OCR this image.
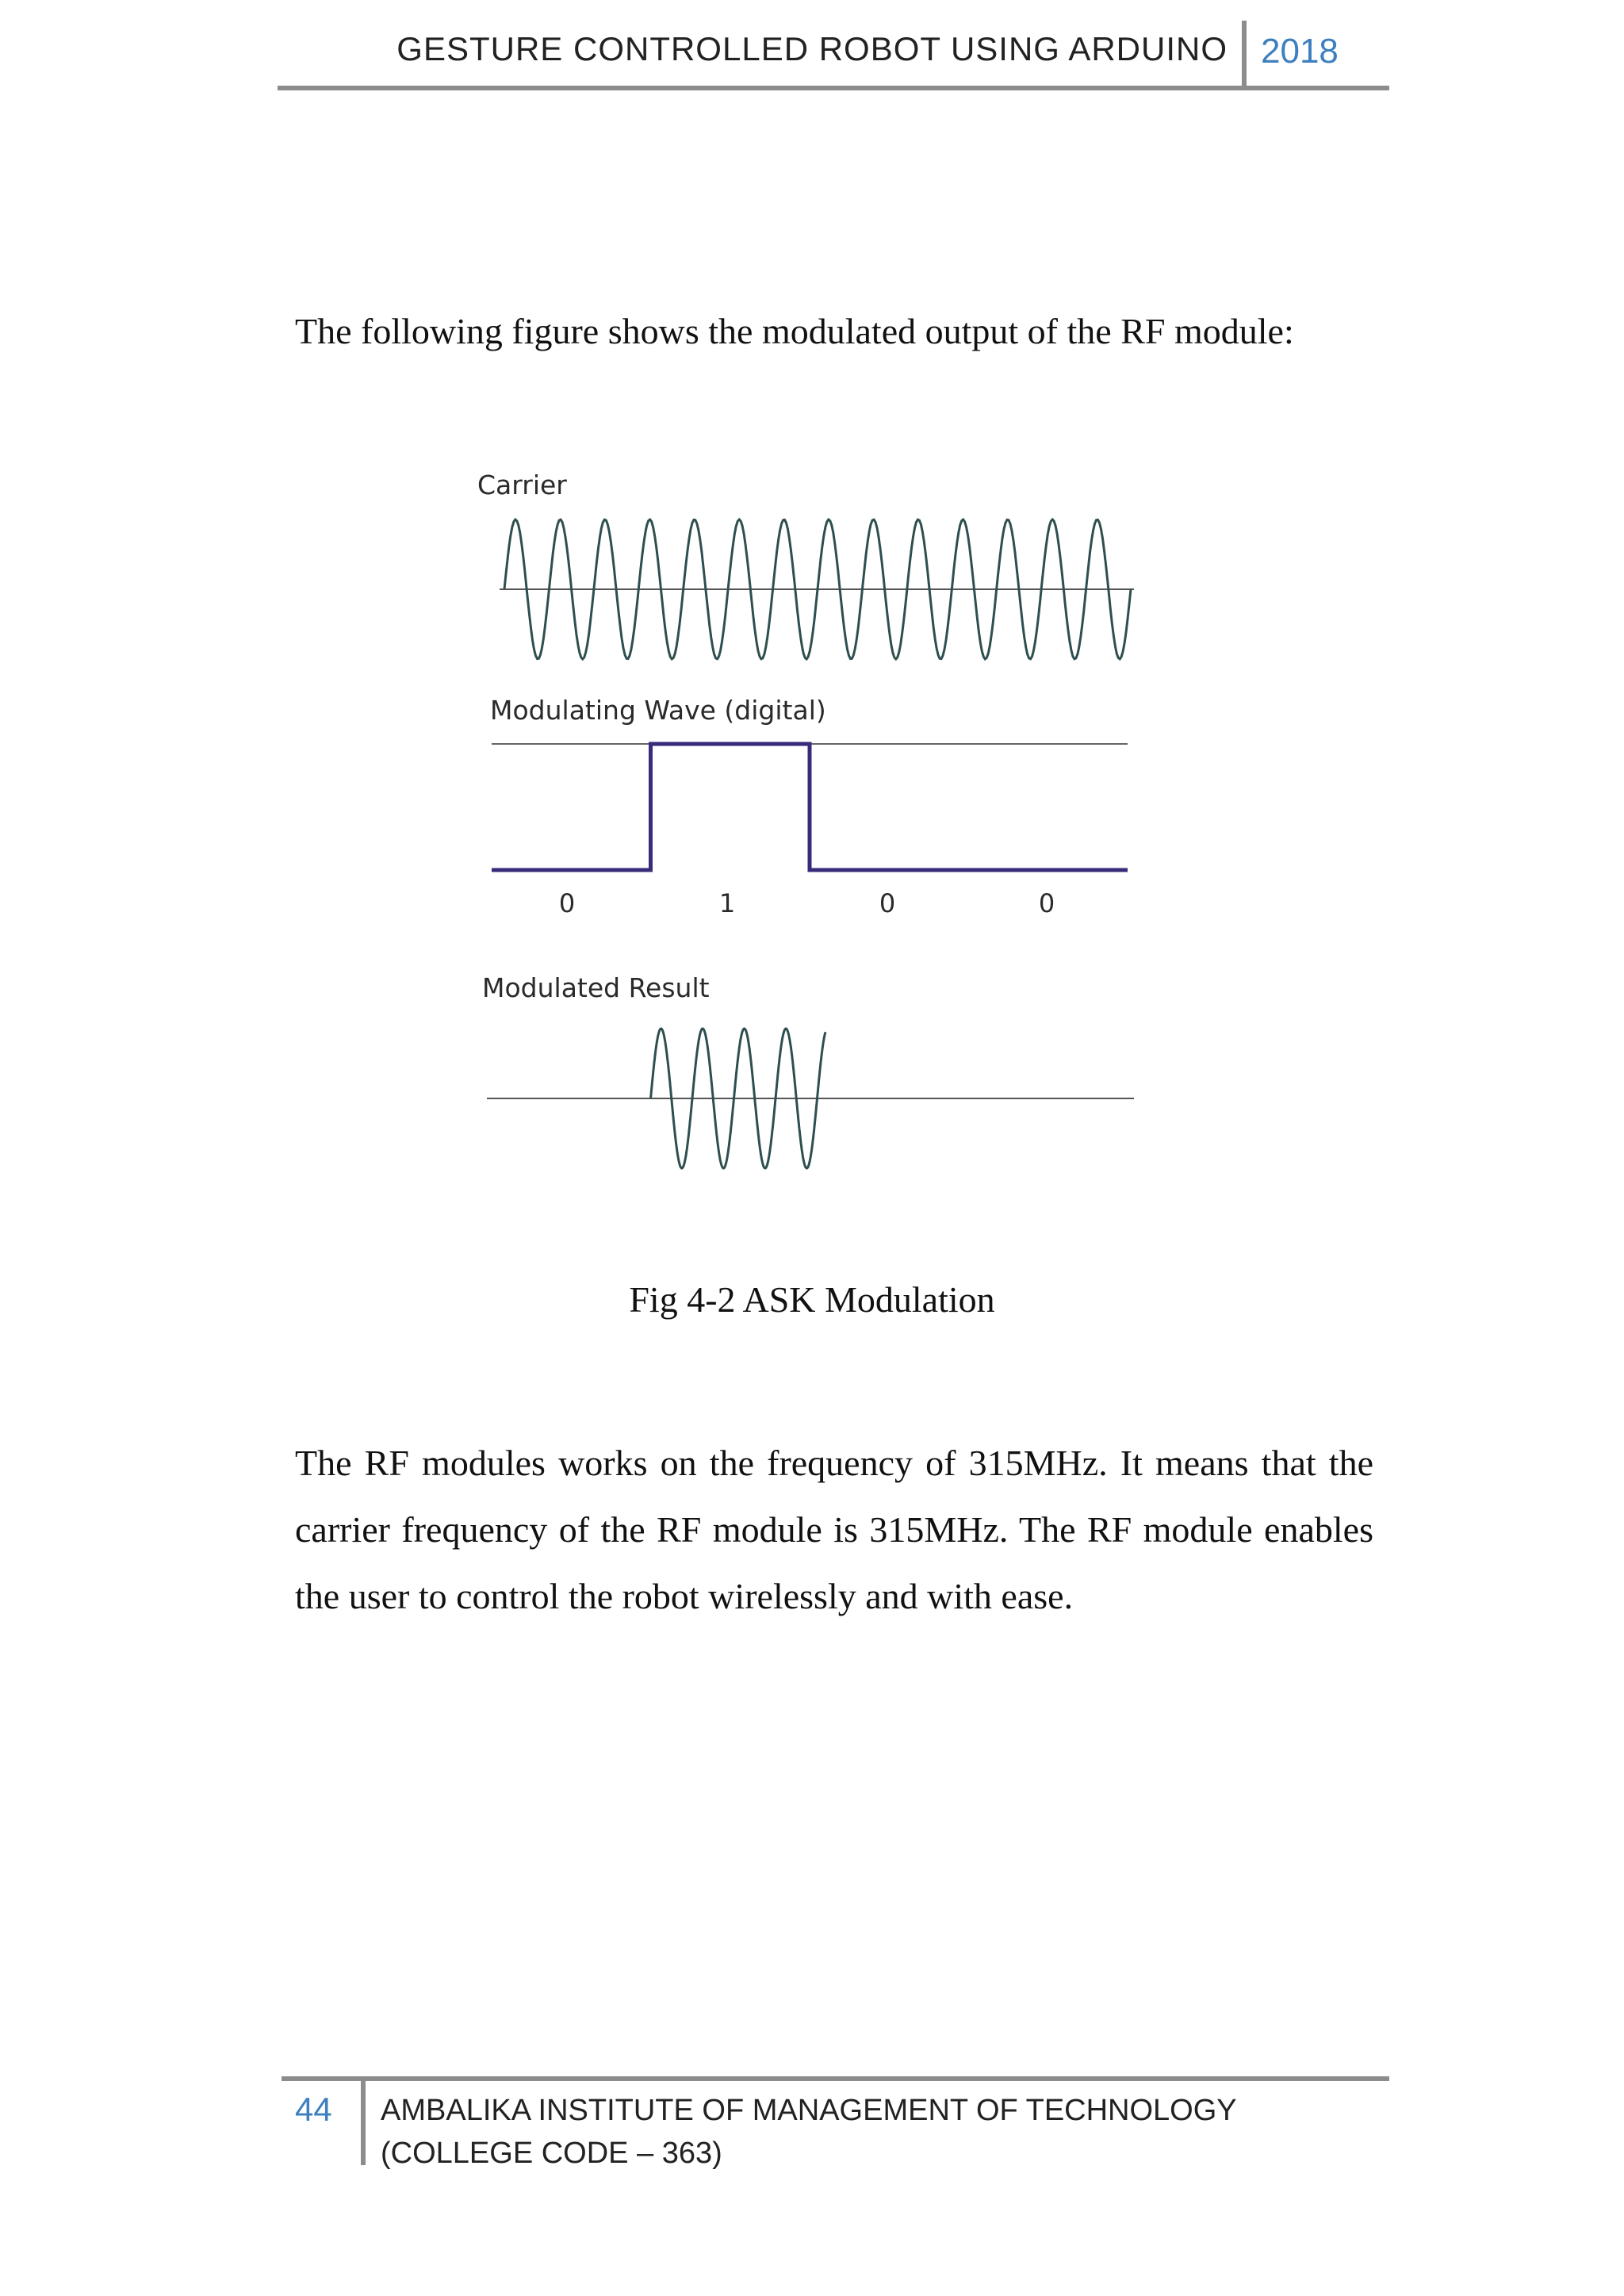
GESTURE CONTROLLED ROBOT USING ARDUINO 2018
The following figure shows the modulated output of the RF module:
Carrier
Modulating Wave (digital)
0	1	0	0
Modulated Result
Fig 4-2 ASK Modulation
The RF modules works on the frequency of 315MHz. It means that the carrier frequency of the RF module is 315MHz. The RF module enables the user to control the robot wirelessly and with ease.
44 AMBALIKA INSTITUTE OF MANAGEMENT OF TECHNOLOGY (COLLEGE CODE – 363)
